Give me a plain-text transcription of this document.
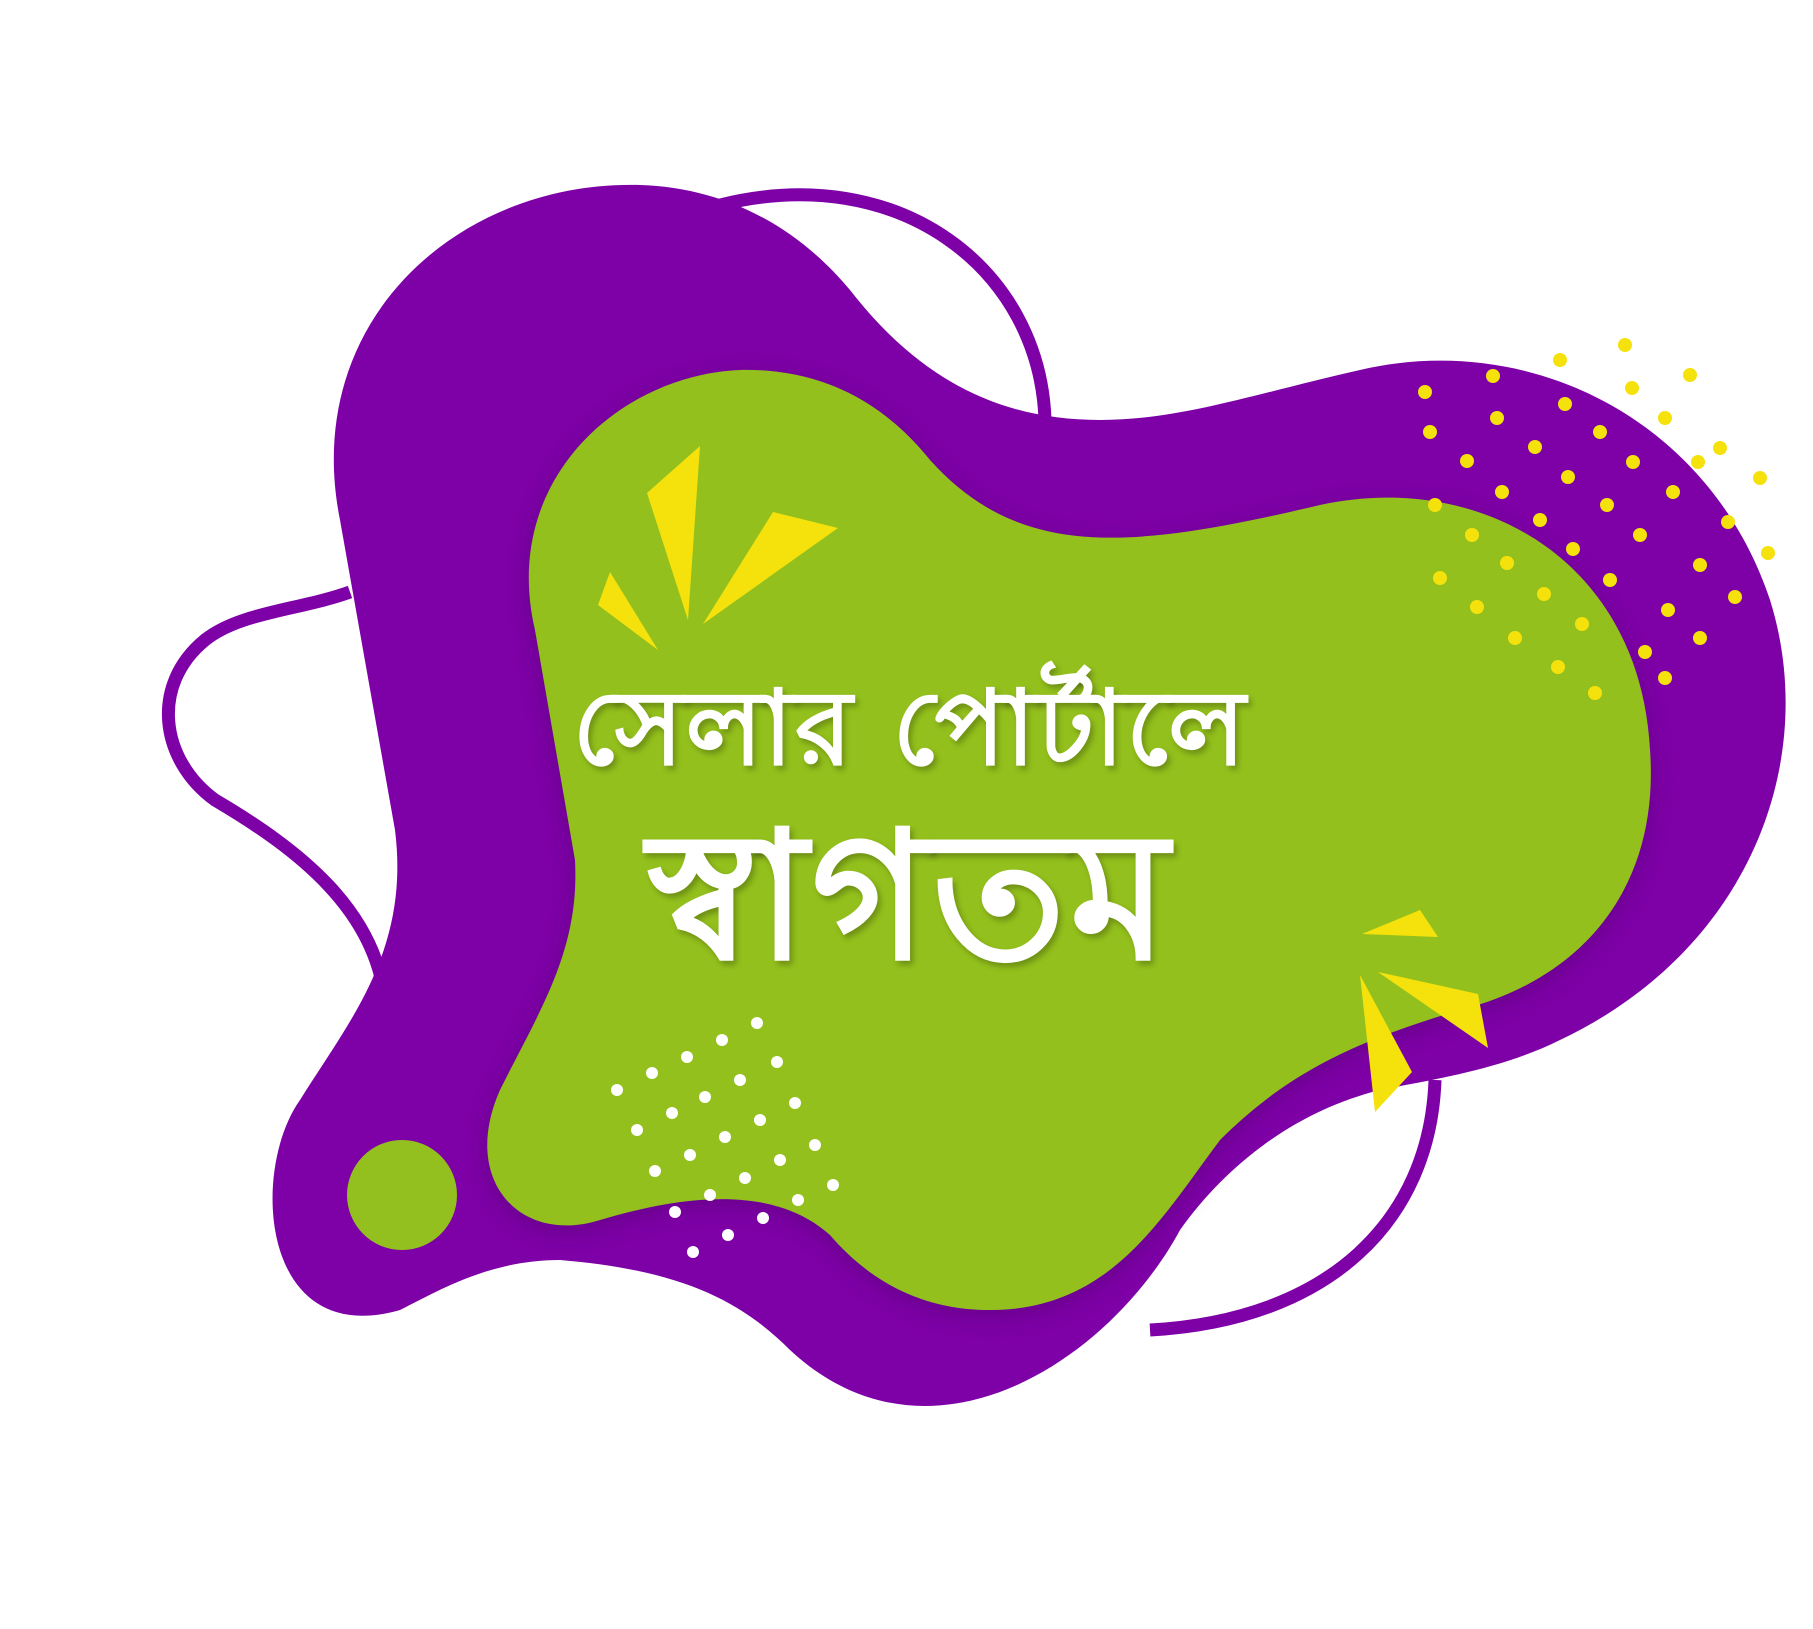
সেলার পোর্টালে
স্বাগতম
